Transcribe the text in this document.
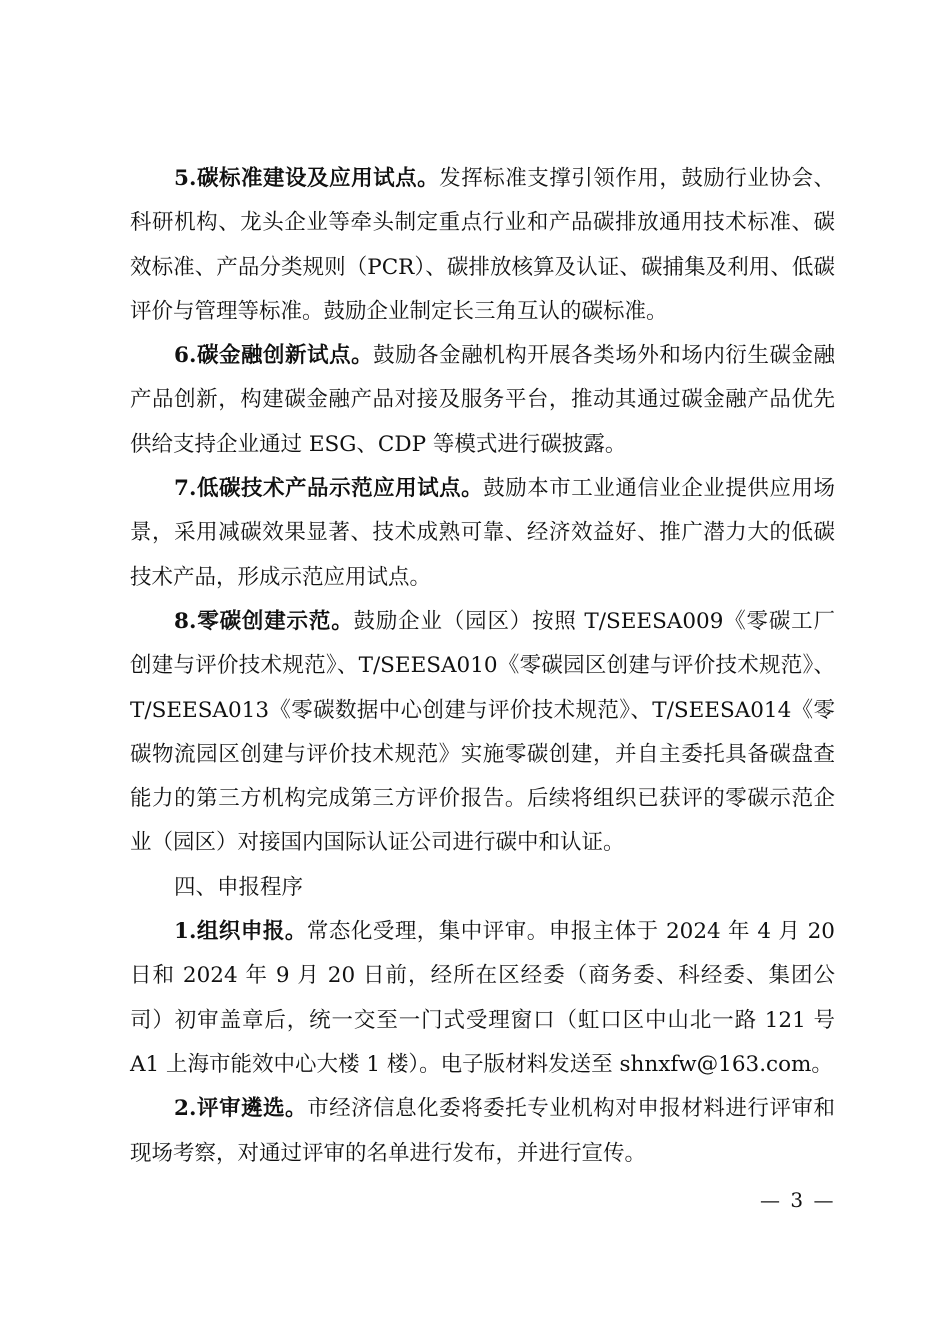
5.碳标准建设及应用试点。发挥标准支撑引领作用，鼓励行业协会、科研机构、龙头企业等牵头制定重点行业和产品碳排放通用技术标准、碳效标准、产品分类规则（PCR）、碳排放核算及认证、碳捕集及利用、低碳评价与管理等标准。鼓励企业制定长三角互认的碳标准。

6.碳金融创新试点。鼓励各金融机构开展各类场外和场内衍生碳金融产品创新，构建碳金融产品对接及服务平台，推动其通过碳金融产品优先供给支持企业通过 ESG、CDP 等模式进行碳披露。

7.低碳技术产品示范应用试点。鼓励本市工业通信业企业提供应用场景，采用减碳效果显著、技术成熟可靠、经济效益好、推广潜力大的低碳技术产品，形成示范应用试点。

8.零碳创建示范。鼓励企业（园区）按照 T/SEESA009《零碳工厂创建与评价技术规范》、T/SEESA010《零碳园区创建与评价技术规范》、T/SEESA013《零碳数据中心创建与评价技术规范》、T/SEESA014《零碳物流园区创建与评价技术规范》实施零碳创建，并自主委托具备碳盘查能力的第三方机构完成第三方评价报告。后续将组织已获评的零碳示范企业（园区）对接国内国际认证公司进行碳中和认证。

四、申报程序

1.组织申报。常态化受理，集中评审。申报主体于 2024 年 4 月 20 日和 2024 年 9 月 20 日前，经所在区经委（商务委、科经委、集团公司）初审盖章后，统一交至一门式受理窗口（虹口区中山北一路 121 号 A1 上海市能效中心大楼 1 楼）。电子版材料发送至 shnxfw@163.com。

2.评审遴选。市经济信息化委将委托专业机构对申报材料进行评审和现场考察，对通过评审的名单进行发布，并进行宣传。

— 3 —
